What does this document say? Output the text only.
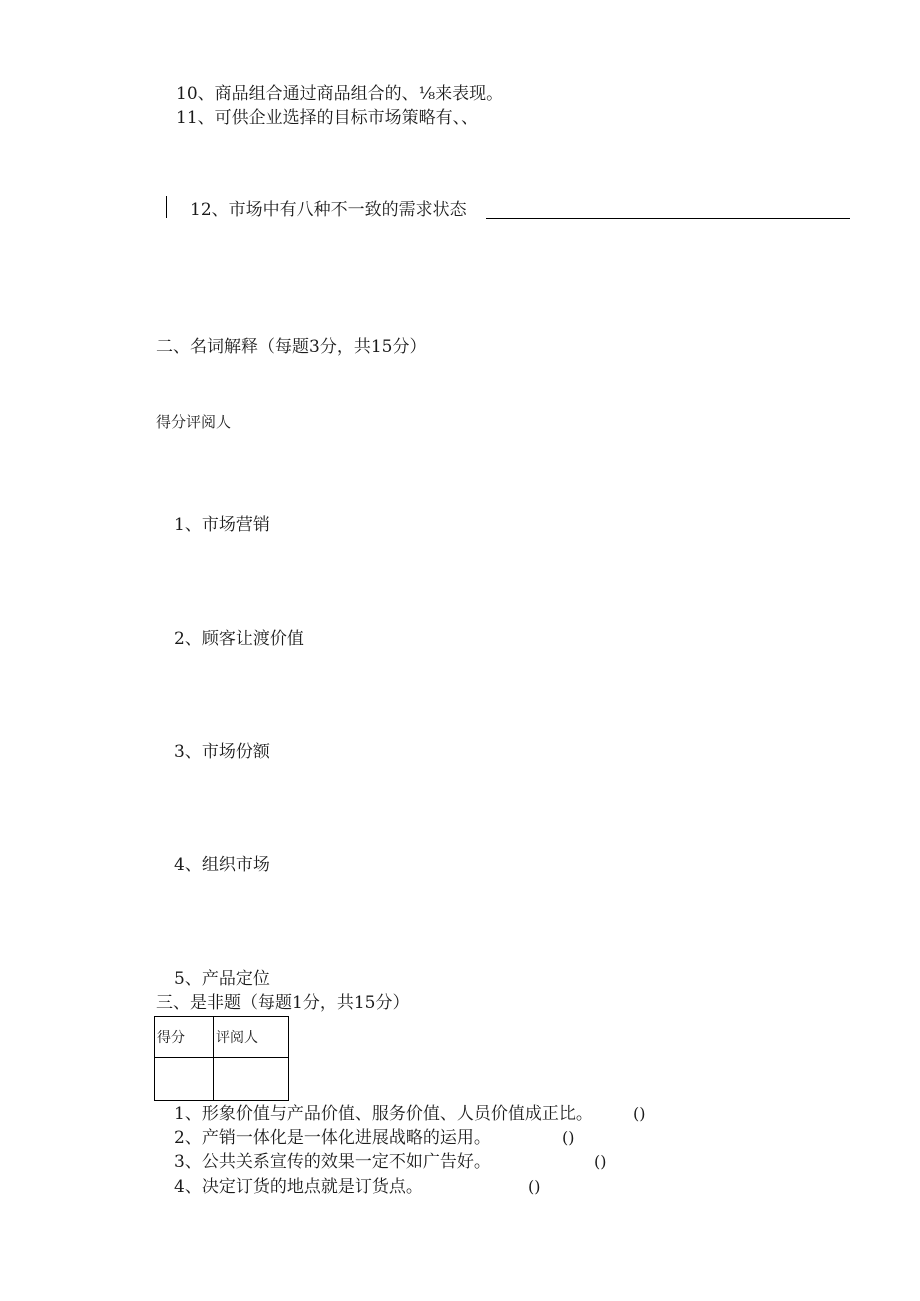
10、商品组合通过商品组合的、⅛来表现。
11、可供企业选择的目标市场策略有、、
12、市场中有八种不一致的需求状态
二、名词解释（每题3分，共15分）
得分评阅人
1、市场营销
2、顾客让渡价值
3、市场份额
4、组织市场
5、产品定位
三、是非题（每题1分，共15分）
得分	评阅人

1、形象价值与产品价值、服务价值、人员价值成正比。	()
2、产销一体化是一体化进展战略的运用。	()
3、公共关系宣传的效果一定不如广告好。	()
4、决定订货的地点就是订货点。	()
